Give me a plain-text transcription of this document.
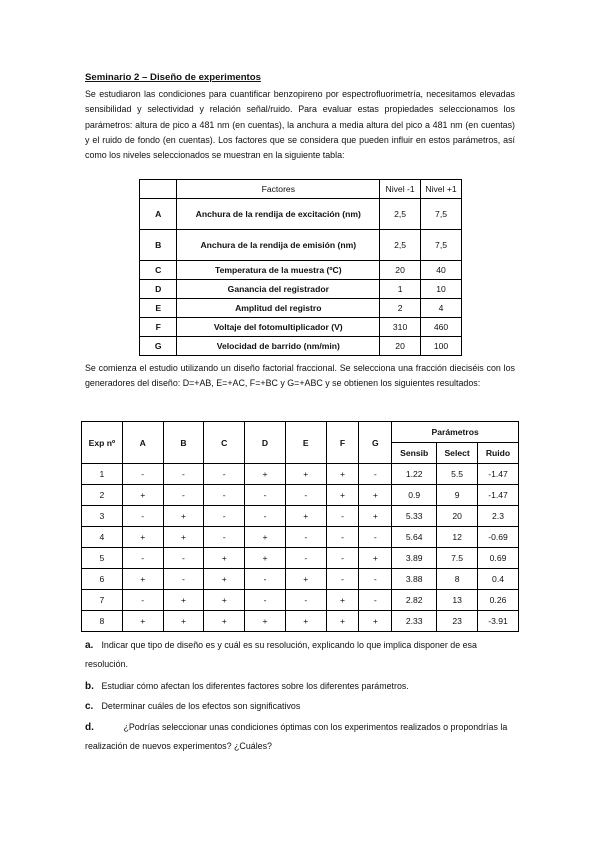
Seminario 2 – Diseño de experimentos

Se estudiaron las condiciones para cuantificar benzopireno por espectrofluorimetría, necesitamos elevadas sensibilidad y selectividad y relación señal/ruido. Para evaluar estas propiedades seleccionamos los parámetros: altura de pico a 481 nm (en cuentas), la anchura a media altura del pico a 481 nm (en cuentas) y el ruido de fondo (en cuentas). Los factores que se considera que pueden influir en estos parámetros, así como los niveles seleccionados se muestran en la siguiente tabla:

	Factores	Nivel -1	Nivel +1
A	Anchura de la rendija de excitación (nm)	2,5	7,5
B	Anchura de la rendija de emisión (nm)	2,5	7,5
C	Temperatura de la muestra (ºC)	20	40
D	Ganancia del registrador	1	10
E	Amplitud del registro	2	4
F	Voltaje del fotomultiplicador (V)	310	460
G	Velocidad de barrido (nm/min)	20	100

Se comienza el estudio utilizando un diseño factorial fraccional. Se selecciona una fracción dieciséis con los generadores del diseño: D=+AB, E=+AC, F=+BC y G=+ABC y se obtienen los siguientes resultados:

Exp nº	A	B	C	D	E	F	G	Parámetros		
								Sensib	Select	Ruido
1	-	-	-	+	+	+	-	1.22	5.5	-1.47
2	+	-	-	-	-	+	+	0.9	9	-1.47
3	-	+	-	-	+	-	+	5.33	20	2.3
4	+	+	-	+	-	-	-	5.64	12	-0.69
5	-	-	+	+	-	-	+	3.89	7.5	0.69
6	+	-	+	-	+	-	-	3.88	8	0.4
7	-	+	+	-	-	+	-	2.82	13	0.26
8	+	+	+	+	+	+	+	2.33	23	-3.91
a. Indicar que tipo de diseño es y cuál es su resolución, explicando lo que implica disponer de esa resolución.
b. Estudiar cómo afectan los diferentes factores sobre los diferentes parámetros.
c. Determinar cuáles de los efectos son significativos
d.	¿Podrías seleccionar unas condiciones óptimas con los experimentos realizados o propondrías la realización de nuevos experimentos? ¿Cuáles?
